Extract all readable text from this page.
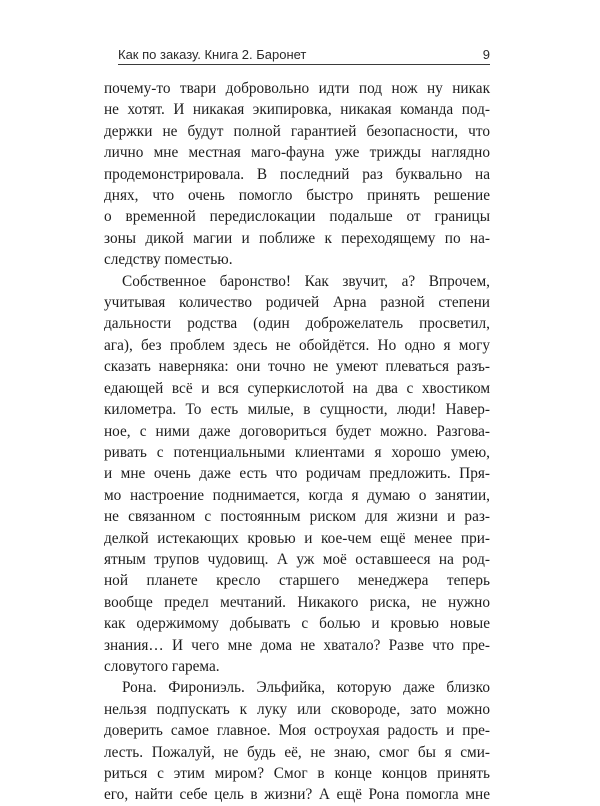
Как по заказу. Книга 2. Баронет	9

почему-то твари добровольно идти под нож ну никак
не хотят. И никакая экипировка, никакая команда под-
держки не будут полной гарантией безопасности, что
лично мне местная маго-фауна уже трижды наглядно
продемонстрировала. В последний раз буквально на
днях, что очень помогло быстро принять решение
о временной передислокации подальше от границы
зоны дикой магии и поближе к переходящему по на-
следству поместью.

Собственное баронство! Как звучит, а? Впрочем,
учитывая количество родичей Арна разной степени
дальности родства (один доброжелатель просветил,
ага), без проблем здесь не обойдётся. Но одно я могу
сказать наверняка: они точно не умеют плеваться разъ-
едающей всё и вся суперкислотой на два с хвостиком
километра. То есть милые, в сущности, люди! Навер-
ное, с ними даже договориться будет можно. Разгова-
ривать с потенциальными клиентами я хорошо умею,
и мне очень даже есть что родичам предложить. Пря-
мо настроение поднимается, когда я думаю о занятии,
не связанном с постоянным риском для жизни и раз-
делкой истекающих кровью и кое-чем ещё менее при-
ятным трупов чудовищ. А уж моё оставшееся на род-
ной планете кресло старшего менеджера теперь
вообще предел мечтаний. Никакого риска, не нужно
как одержимому добывать с болью и кровью новые
знания… И чего мне дома не хватало? Разве что пре-
словутого гарема.

Рона. Фирониэль. Эльфийка, которую даже близко
нельзя подпускать к луку или сковороде, зато можно
доверить самое главное. Моя остроухая радость и пре-
лесть. Пожалуй, не будь её, не знаю, смог бы я сми-
риться с этим миром? Смог в конце концов принять
его, найти себе цель в жизни? А ещё Рона помогла мне
